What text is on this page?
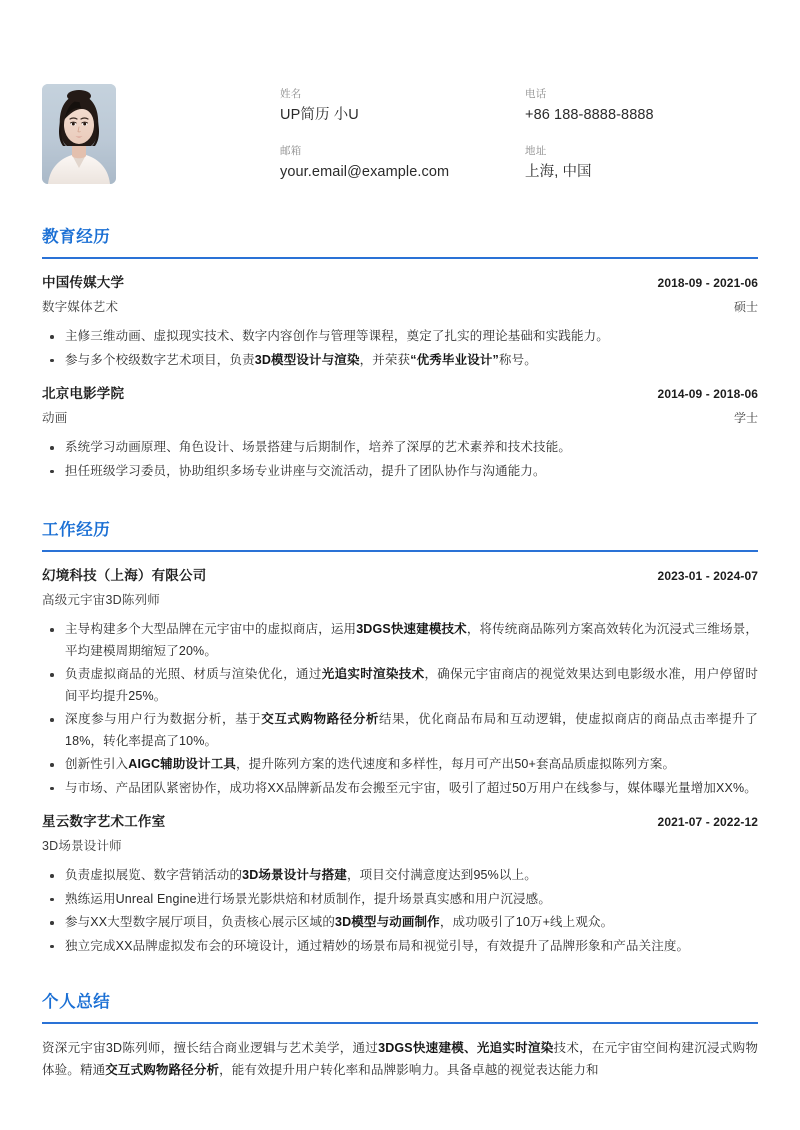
姓名
UP简历 小U
电话
+86 188-8888-8888
邮箱
your.email@example.com
地址
上海, 中国
教育经历
中国传媒大学
数字媒体艺术
2018-09 - 2021-06
硕士
主修三维动画、虚拟现实技术、数字内容创作与管理等课程，奠定了扎实的理论基础和实践能力。
参与多个校级数字艺术项目，负责3D模型设计与渲染，并荣获“优秀毕业设计”称号。
北京电影学院
动画
2014-09 - 2018-06
学士
系统学习动画原理、角色设计、场景搭建与后期制作，培养了深厚的艺术素养和技术技能。
担任班级学习委员，协助组织多场专业讲座与交流活动，提升了团队协作与沟通能力。
工作经历
幻境科技（上海）有限公司
高级元宇宙3D陈列师
2023-01 - 2024-07
主导构建多个大型品牌在元宇宙中的虚拟商店，运用3DGS快速建模技术，将传统商品陈列方案高效转化为沉浸式三维场景，平均建模周期缩短了20%。
负责虚拟商品的光照、材质与渲染优化，通过光追实时渲染技术，确保元宇宙商店的视觉效果达到电影级水准，用户停留时间平均提升25%。
深度参与用户行为数据分析，基于交互式购物路径分析结果，优化商品布局和互动逻辑，使虚拟商店的商品点击率提升了18%，转化率提高了10%。
创新性引入AIGC辅助设计工具，提升陈列方案的迭代速度和多样性，每月可产出50+套高品质虚拟陈列方案。
与市场、产品团队紧密协作，成功将XX品牌新品发布会搬至元宇宙，吸引了超过50万用户在线参与，媒体曝光量增加XX%。
星云数字艺术工作室
3D场景设计师
2021-07 - 2022-12
负责虚拟展览、数字营销活动的3D场景设计与搭建，项目交付满意度达到95%以上。
熟练运用Unreal Engine进行场景光影烘焙和材质制作，提升场景真实感和用户沉浸感。
参与XX大型数字展厅项目，负责核心展示区域的3D模型与动画制作，成功吸引了10万+线上观众。
独立完成XX品牌虚拟发布会的环境设计，通过精妙的场景布局和视觉引导，有效提升了品牌形象和产品关注度。
个人总结
资深元宇宙3D陈列师，擅长结合商业逻辑与艺术美学，通过3DGS快速建模、光追实时渲染技术，在元宇宙空间构建沉浸式购物体验。精通交互式购物路径分析，能有效提升用户转化率和品牌影响力。具备卓越的视觉表达能力和
